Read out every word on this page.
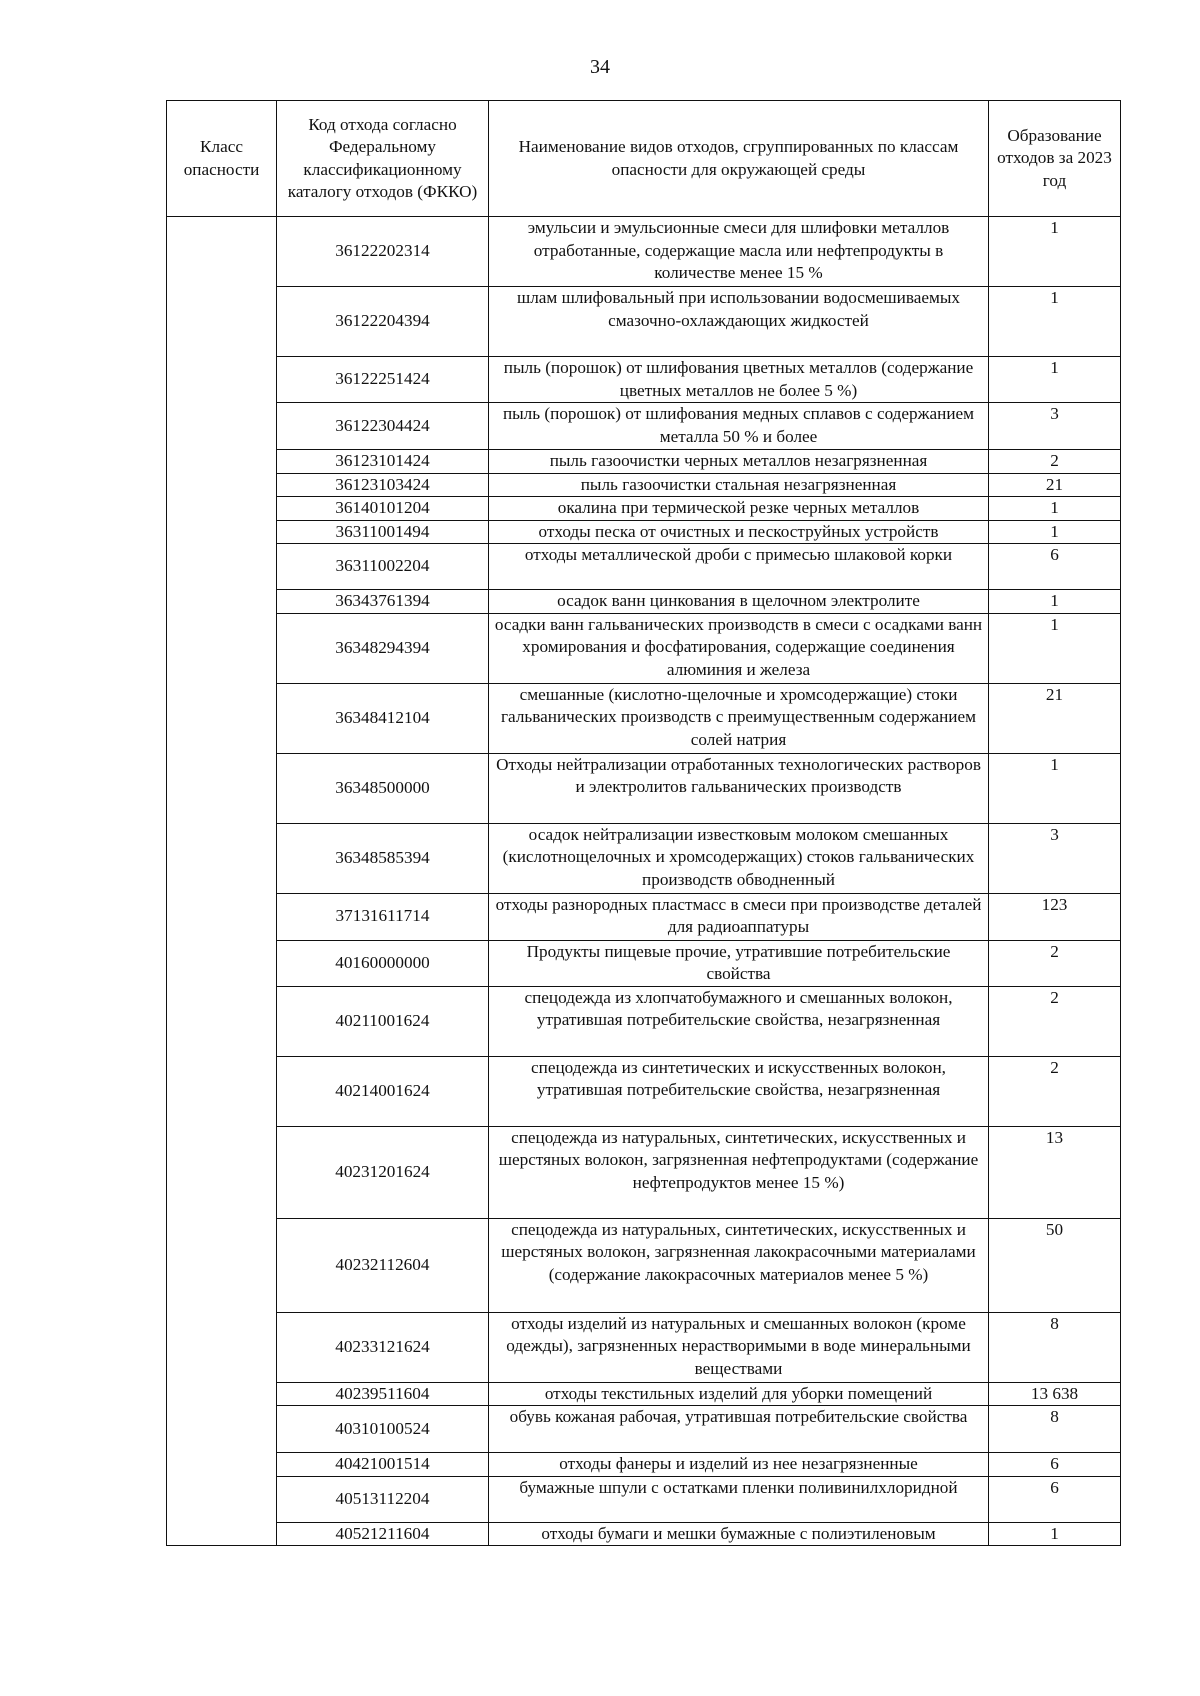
34
Класс опасности	Код отхода согласно Федеральному классификационному каталогу отходов (ФККО)	Наименование видов отходов, сгруппированных по классам опасности для окружающей среды	Образование отходов за 2023 год
	36122202314	эмульсии и эмульсионные смеси для шлифовки металлов отработанные, содержащие масла или нефтепродукты в количестве менее 15 %	1
	36122204394	шлам шлифовальный при использовании водосмешиваемых смазочно-охлаждающих жидкостей	1
	36122251424	пыль (порошок) от шлифования цветных металлов (содержание цветных металлов не более 5 %)	1
	36122304424	пыль (порошок) от шлифования медных сплавов с содержанием металла 50 % и более	3
	36123101424	пыль газоочистки черных металлов незагрязненная	2
	36123103424	пыль газоочистки стальная незагрязненная	21
	36140101204	окалина при термической резке черных металлов	1
	36311001494	отходы песка от очистных и пескоструйных устройств	1
	36311002204	отходы металлической дроби с примесью шлаковой корки	6
	36343761394	осадок ванн цинкования в щелочном электролите	1
	36348294394	осадки ванн гальванических производств в смеси с осадками ванн хромирования и фосфатирования, содержащие соединения алюминия и железа	1
	36348412104	смешанные (кислотно-щелочные и хромсодержащие) стоки гальванических производств с преимущественным содержанием солей натрия	21
	36348500000	Отходы нейтрализации отработанных технологических растворов и электролитов гальванических производств	1
	36348585394	осадок нейтрализации известковым молоком смешанных (кислотнощелочных и хромсодержащих) стоков гальванических производств обводненный	3
	37131611714	отходы разнородных пластмасс в смеси при производстве деталей для радиоаппатуры	123
	40160000000	Продукты пищевые прочие, утратившие потребительские свойства	2
	40211001624	спецодежда из хлопчатобумажного и смешанных волокон, утратившая потребительские свойства, незагрязненная	2
	40214001624	спецодежда из синтетических и искусственных волокон, утратившая потребительские свойства, незагрязненная	2
	40231201624	спецодежда из натуральных, синтетических, искусственных и шерстяных волокон, загрязненная нефтепродуктами (содержание нефтепродуктов менее 15 %)	13
	40232112604	спецодежда из натуральных, синтетических, искусственных и шерстяных волокон, загрязненная лакокрасочными материалами (содержание лакокрасочных материалов менее 5 %)	50
	40233121624	отходы изделий из натуральных и смешанных волокон (кроме одежды), загрязненных нерастворимыми в воде минеральными веществами	8
	40239511604	отходы текстильных изделий для уборки помещений	13 638
	40310100524	обувь кожаная рабочая, утратившая потребительские свойства	8
	40421001514	отходы фанеры и изделий из нее незагрязненные	6
	40513112204	бумажные шпули с остатками пленки поливинилхлоридной	6
	40521211604	отходы бумаги и мешки бумажные с полиэтиленовым	1
